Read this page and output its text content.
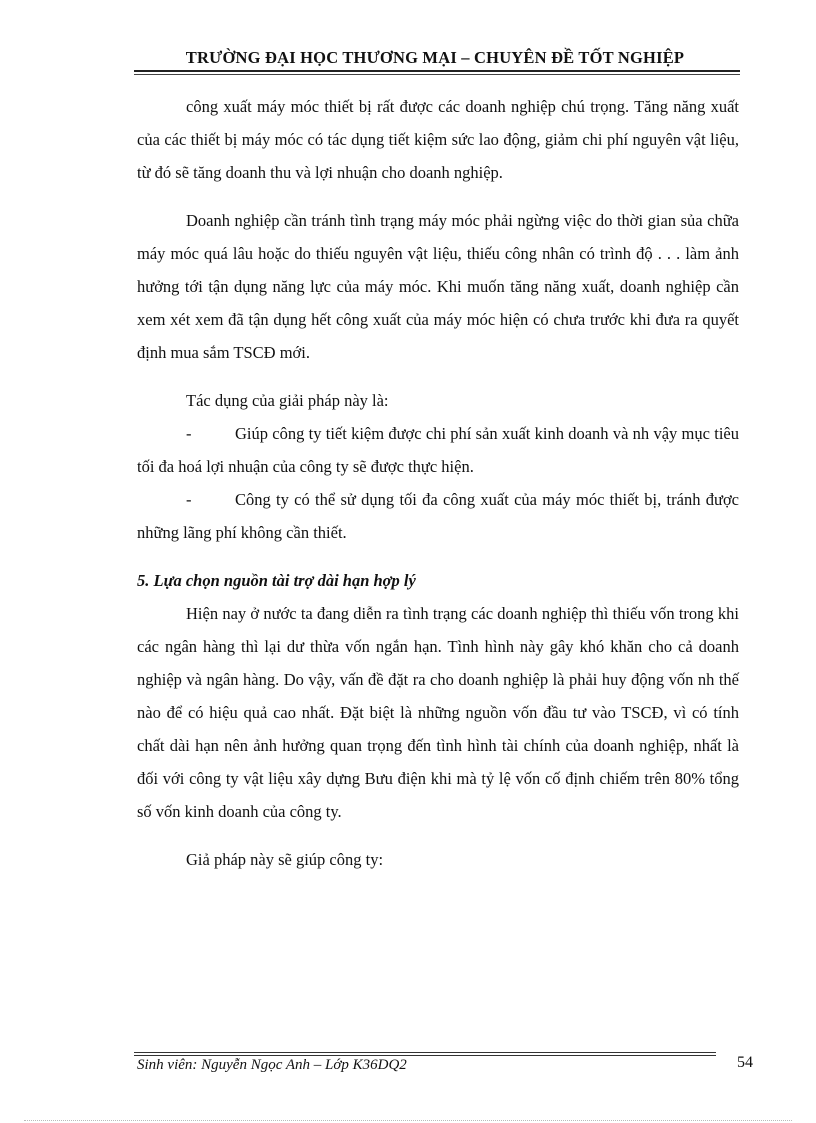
TRƯỜNG ĐẠI HỌC THƯƠNG MẠI – CHUYÊN ĐỀ TỐT NGHIỆP

công xuất máy móc thiết bị rất được các doanh nghiệp chú trọng. Tăng năng xuất của các thiết bị máy móc có tác dụng tiết kiệm sức lao động, giảm chi phí nguyên vật liệu, từ đó sẽ tăng doanh thu và lợi nhuận cho doanh nghiệp.

Doanh nghiệp cần tránh tình trạng máy móc phải ngừng việc do thời gian sủa chữa máy móc quá lâu hoặc do thiếu nguyên vật liệu, thiếu công nhân có trình độ . . . làm ảnh hưởng tới tận dụng năng lực của máy móc. Khi muốn tăng năng xuất, doanh nghiệp cần xem xét xem đã tận dụng hết công xuất của máy móc hiện có chưa trước khi đưa ra quyết định mua sắm TSCĐ mới.

Tác dụng của giải pháp này là:

-	Giúp công ty tiết kiệm được chi phí sản xuất kinh doanh và nh vậy mục tiêu tối đa hoá lợi nhuận của công ty sẽ được thực hiện.

-	Công ty có thể sử dụng tối đa công xuất của máy móc thiết bị, tránh được những lãng phí không cần thiết.

5. Lựa chọn nguồn tài trợ dài hạn hợp lý

Hiện nay ở nước ta đang diễn ra tình trạng các doanh nghiệp thì thiếu vốn trong khi các ngân hàng thì lại dư thừa vốn ngắn hạn. Tình hình này gây khó khăn cho cả doanh nghiệp và ngân hàng. Do vậy, vấn đề đặt ra cho doanh nghiệp là phải huy động vốn nh thế nào để có hiệu quả cao nhất. Đặt biệt là những nguồn vốn đầu tư vào TSCĐ, vì có tính chất dài hạn nên ảnh hưởng quan trọng đến tình hình tài chính của doanh nghiệp, nhất là đối với công ty vật liệu xây dựng Bưu điện khi mà tỷ lệ vốn cố định chiếm trên 80% tổng số vốn kinh doanh của công ty.

Giả pháp này sẽ giúp công ty:

Sinh viên: Nguyễn Ngọc Anh – Lớp K36DQ2	54
